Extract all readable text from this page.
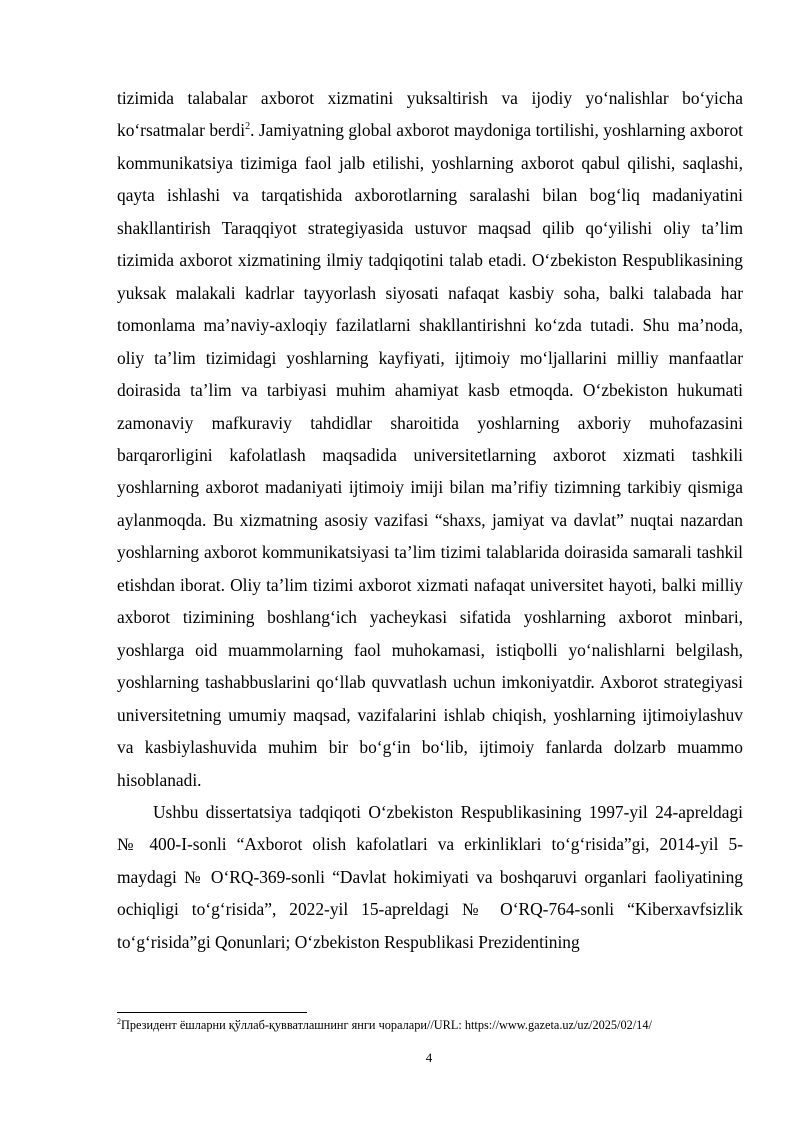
tizimida talabalar axborot xizmatini yuksaltirish va ijodiy yo‘nalishlar bo‘yicha ko‘rsatmalar berdi$^2$. Jamiyatning global axborot maydoniga tortilishi, yoshlarning axborot kommunikatsiya tizimiga faol jalb etilishi, yoshlarning axborot qabul qilishi, saqlashi, qayta ishlashi va tarqatishida axborotlarning saralashi bilan bog‘liq madaniyatini shakllantirish Taraqqiyot strategiyasida ustuvor maqsad qilib qo‘yilishi oliy ta’lim tizimida axborot xizmatining ilmiy tadqiqotini talab etadi. O‘zbekiston Respublikasining yuksak malakali kadrlar tayyorlash siyosati nafaqat kasbiy soha, balki talabada har tomonlama ma’naviy-axloqiy fazilatlarni shakllantirishni ko‘zda tutadi. Shu ma’noda, oliy ta’lim tizimidagi yoshlarning kayfiyati, ijtimoiy mo‘ljallarini milliy manfaatlar doirasida ta’lim va tarbiyasi muhim ahamiyat kasb etmoqda. O‘zbekiston hukumati zamonaviy mafkuraviy tahdidlar sharoitida yoshlarning axboriy muhofazasini barqarorligini kafolatlash maqsadida universitetlarning axborot xizmati tashkili yoshlarning axborot madaniyati ijtimoiy imiji bilan ma’rifiy tizimning tarkibiy qismiga aylanmoqda. Bu xizmatning asosiy vazifasi “shaxs, jamiyat va davlat” nuqtai nazardan yoshlarning axborot kommunikatsiyasi ta’lim tizimi talablarida doirasida samarali tashkil etishdan iborat. Oliy ta’lim tizimi axborot xizmati nafaqat universitet hayoti, balki milliy axborot tizimining boshlang‘ich yacheykasi sifatida yoshlarning axborot minbari, yoshlarga oid muammolarning faol muhokamasi, istiqbolli yo‘nalishlarni belgilash, yoshlarning tashabbuslarini qo‘llab quvvatlash uchun imkoniyatdir. Axborot strategiyasi universitetning umumiy maqsad, vazifalarini ishlab chiqish, yoshlarning ijtimoiylashuv va kasbiylashuvida muhim bir bo‘g‘in bo‘lib, ijtimoiy fanlarda dolzarb muammo hisoblanadi.

Ushbu dissertatsiya tadqiqoti O‘zbekiston Respublikasining 1997-yil 24-apreldagi № 400-I-sonli “Axborot olish kafolatlari va erkinliklari to‘g‘risida”gi, 2014-yil 5-maydagi № O‘RQ-369-sonli “Davlat hokimiyati va boshqaruvi organlari faoliyatining ochiqligi to‘g‘risida”, 2022-yil 15-apreldagi № O‘RQ-764-sonli “Kiberxavfsizlik to‘g‘risida”gi Qonunlari; O‘zbekiston Respublikasi Prezidentining

$^2$Президент ёшларни қўллаб-қувватлашнинг янги чоралари//URL: https://www.gazeta.uz/uz/2025/02/14/
4
